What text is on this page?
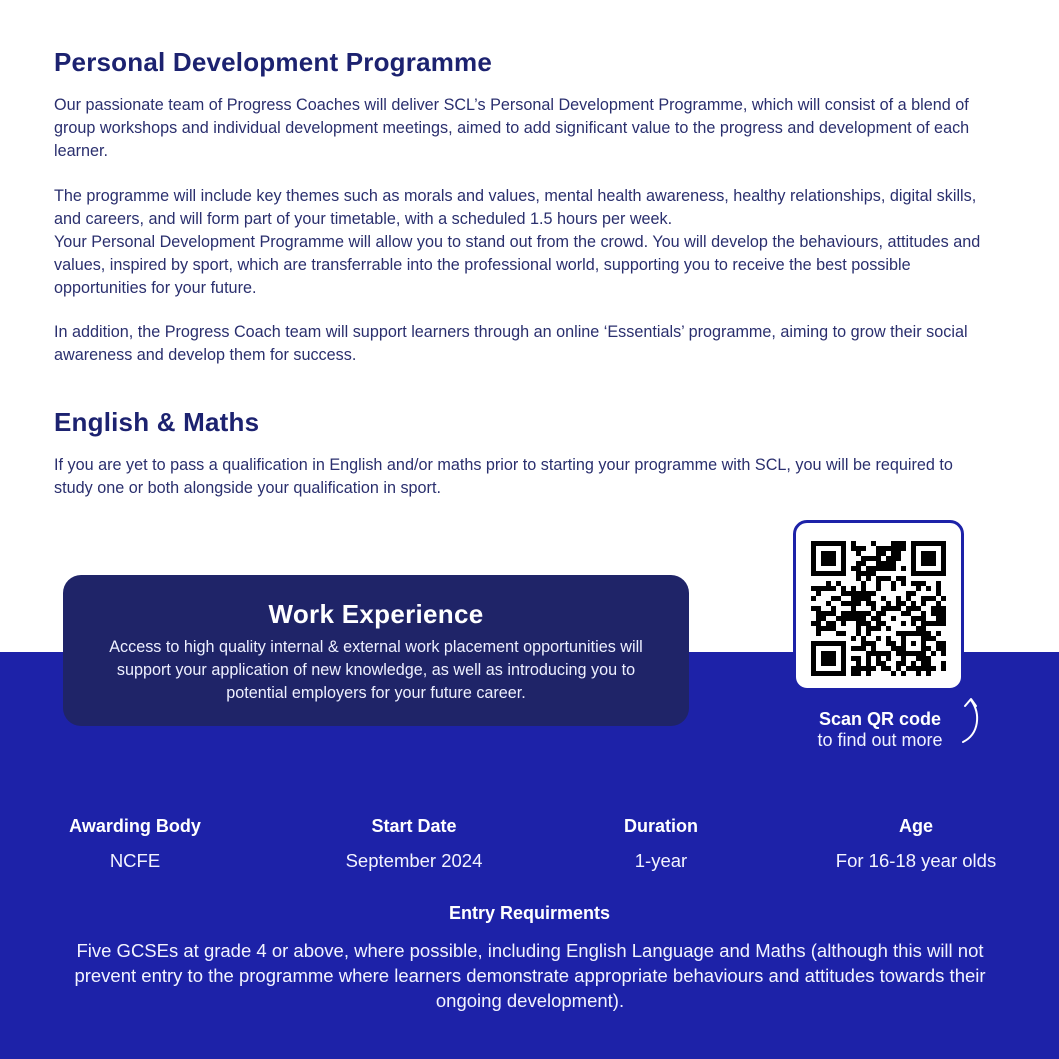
Personal Development Programme

Our passionate team of Progress Coaches will deliver SCL’s Personal Development Programme, which will consist of a blend of group workshops and individual development meetings, aimed to add significant value to the progress and development of each learner.

The programme will include key themes such as morals and values, mental health awareness, healthy relationships, digital skills, and careers, and will form part of your timetable, with a scheduled 1.5 hours per week.

Your Personal Development Programme will allow you to stand out from the crowd. You will develop the behaviours, attitudes and values, inspired by sport, which are transferrable into the professional world, supporting you to receive the best possible opportunities for your future.

In addition, the Progress Coach team will support learners through an online ‘Essentials’ programme, aiming to grow their social awareness and develop them for success.

English & Maths

If you are yet to pass a qualification in English and/or maths prior to starting your programme with SCL, you will be required to study one or both alongside your qualification in sport.

Work Experience
Access to high quality internal & external work placement opportunities will support your application of new knowledge, as well as introducing you to potential employers for your future career.
Scan QR code
to find out more
Awarding Body
NCFE
Start Date
September 2024
Duration
1-year
Age
For 16-18 year olds
Entry Requirments
Five GCSEs at grade 4 or above, where possible, including English Language and Maths (although this will not prevent entry to the programme where learners demonstrate appropriate behaviours and attitudes towards their ongoing development).
